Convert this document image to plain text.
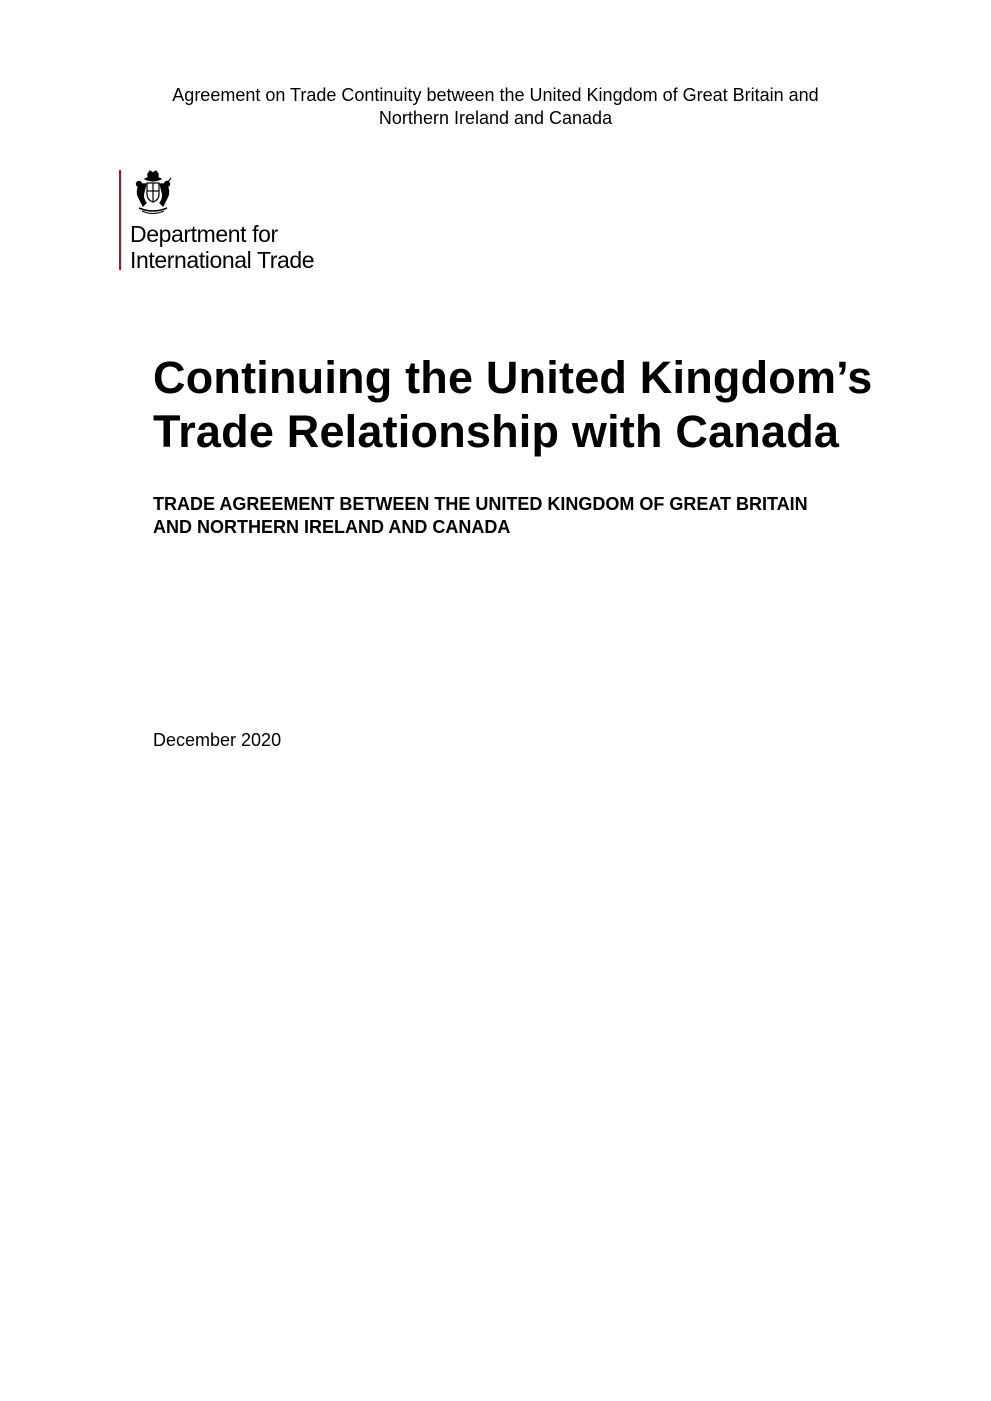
Agreement on Trade Continuity between the United Kingdom of Great Britain and
Northern Ireland and Canada
Department for
International Trade
Continuing the United Kingdom’s
Trade Relationship with Canada
TRADE AGREEMENT BETWEEN THE UNITED KINGDOM OF GREAT BRITAIN
AND NORTHERN IRELAND AND CANADA
December 2020
